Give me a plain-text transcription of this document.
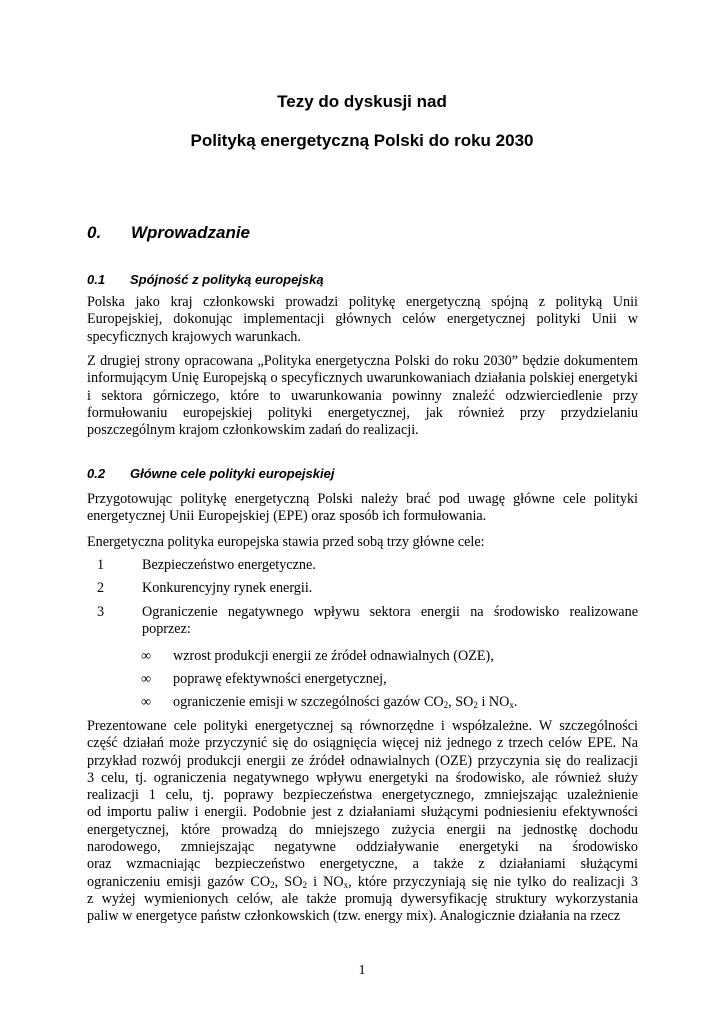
Tezy do dyskusji nad
Polityką energetyczną Polski do roku 2030
0. Wprowadzanie
0.1 Spójność z polityką europejską

Polska jako kraj członkowski prowadzi politykę energetyczną spójną z polityką Unii Europejskiej, dokonując implementacji głównych celów energetycznej polityki Unii w specyficznych krajowych warunkach.

Z drugiej strony opracowana „Polityka energetyczna Polski do roku 2030” będzie dokumentem informującym Unię Europejską o specyficznych uwarunkowaniach działania polskiej energetyki i sektora górniczego, które to uwarunkowania powinny znaleźć odzwierciedlenie przy formułowaniu europejskiej polityki energetycznej, jak również przy przydzielaniu poszczególnym krajom członkowskim zadań do realizacji.

0.2 Główne cele polityki europejskiej

Przygotowując politykę energetyczną Polski należy brać pod uwagę główne cele polityki energetycznej Unii Europejskiej (EPE) oraz sposób ich formułowania.

Energetyczna polityka europejska stawia przed sobą trzy główne cele:

1	Bezpieczeństwo energetyczne.
2	Konkurencyjny rynek energii.
3	Ograniczenie negatywnego wpływu sektora energii na środowisko realizowane poprzez:
∞ wzrost produkcji energii ze źródeł odnawialnych (OZE),
∞ poprawę efektywności energetycznej,
∞ ograniczenie emisji w szczególności gazów $CO_2$, $SO_2$ i $NO_x$.
Prezentowane cele polityki energetycznej są równorzędne i współzależne. W szczególności
część działań może przyczynić się do osiągnięcia więcej niż jednego z trzech celów EPE. Na
przykład rozwój produkcji energii ze źródeł odnawialnych (OZE) przyczynia się do realizacji
3 celu, tj. ograniczenia negatywnego wpływu energetyki na środowisko, ale również służy
realizacji 1 celu, tj. poprawy bezpieczeństwa energetycznego, zmniejszając uzależnienie
od importu paliw i energii. Podobnie jest z działaniami służącymi podniesieniu efektywności
energetycznej, które prowadzą do mniejszego zużycia energii na jednostkę dochodu
narodowego, zmniejszając negatywne oddziaływanie energetyki na środowisko
oraz wzmacniając bezpieczeństwo energetyczne, a także z działaniami służącymi
ograniczeniu emisji gazów $CO_2$, $SO_2$ i $NO_x$, które przyczyniają się nie tylko do realizacji 3
z wyżej wymienionych celów, ale także promują dywersyfikację struktury wykorzystania
paliw w energetyce państw członkowskich (tzw. energy mix). Analogicznie działania na rzecz

1
